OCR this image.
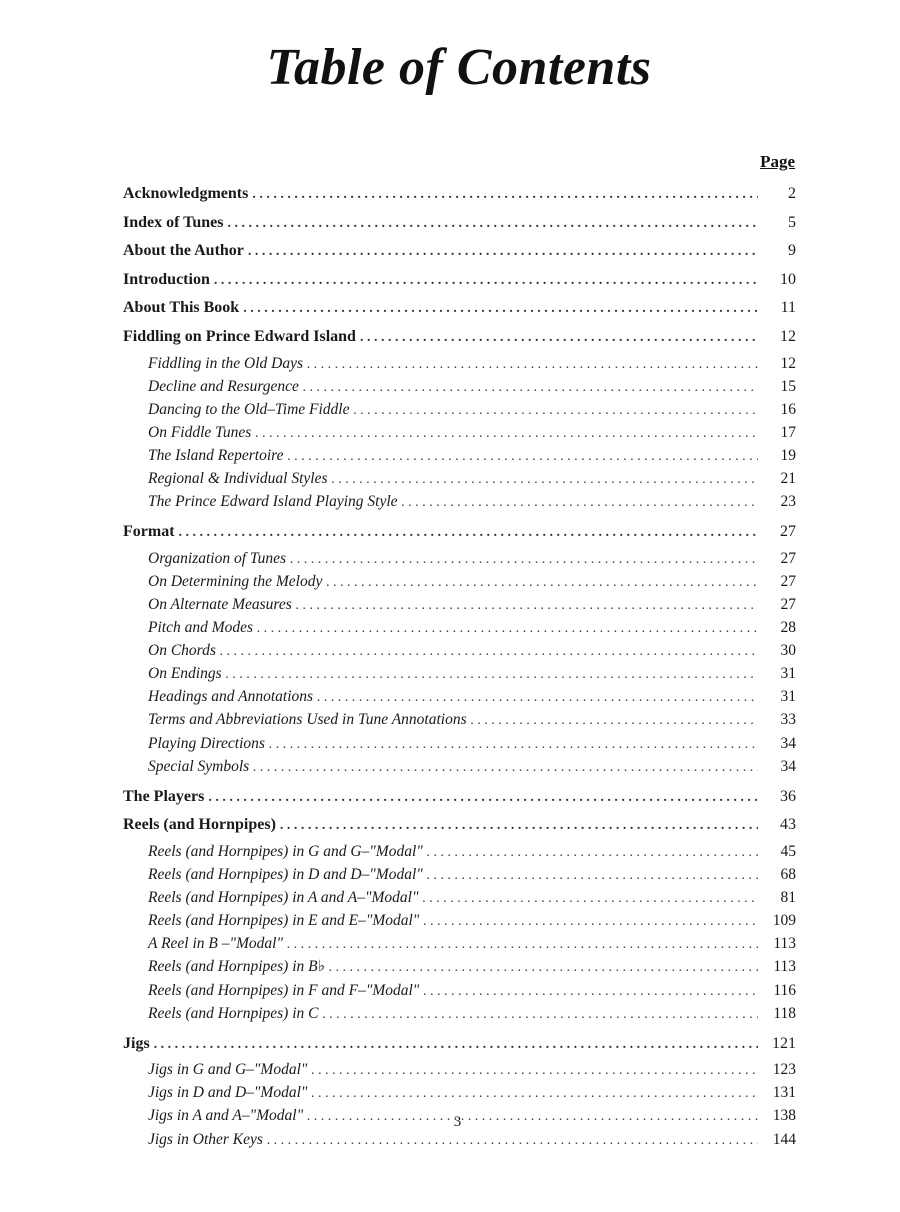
Table of Contents
Page
Acknowledgments . . .	2
Index of Tunes . . .	5
About the Author . . .	9
Introduction . . .	10
About This Book . . .	11
Fiddling on Prince Edward Island . . .	12
Fiddling in the Old Days . . .	12
Decline and Resurgence . . .	15
Dancing to the Old–Time Fiddle . . .	16
On Fiddle Tunes . . .	17
The Island Repertoire . . .	19
Regional & Individual Styles . . .	21
The Prince Edward Island Playing Style . . .	23
Format . . .	27
Organization of Tunes . . .	27
On Determining the Melody . . .	27
On Alternate Measures . . .	27
Pitch and Modes . . .	28
On Chords . . .	30
On Endings . . .	31
Headings and Annotations . . .	31
Terms and Abbreviations Used in Tune Annotations . . .	33
Playing Directions . . .	34
Special Symbols . . .	34
The Players . . .	36
Reels (and Hornpipes) . . .	43
Reels (and Hornpipes) in G and G–"Modal" . . .	45
Reels (and Hornpipes) in D and D–"Modal" . . .	68
Reels (and Hornpipes) in A and A–"Modal" . . .	81
Reels (and Hornpipes) in E and E–"Modal" . . .	109
A Reel in B –"Modal" . . .	113
Reels (and Hornpipes) in B♭ . . .	113
Reels (and Hornpipes) in F and F–"Modal" . . .	116
Reels (and Hornpipes) in C . . .	118
Jigs . . .	121
Jigs in G and G–"Modal" . . .	123
Jigs in D and D–"Modal" . . .	131
Jigs in A and A–"Modal" . . .	138
Jigs in Other Keys . . .	144
3
